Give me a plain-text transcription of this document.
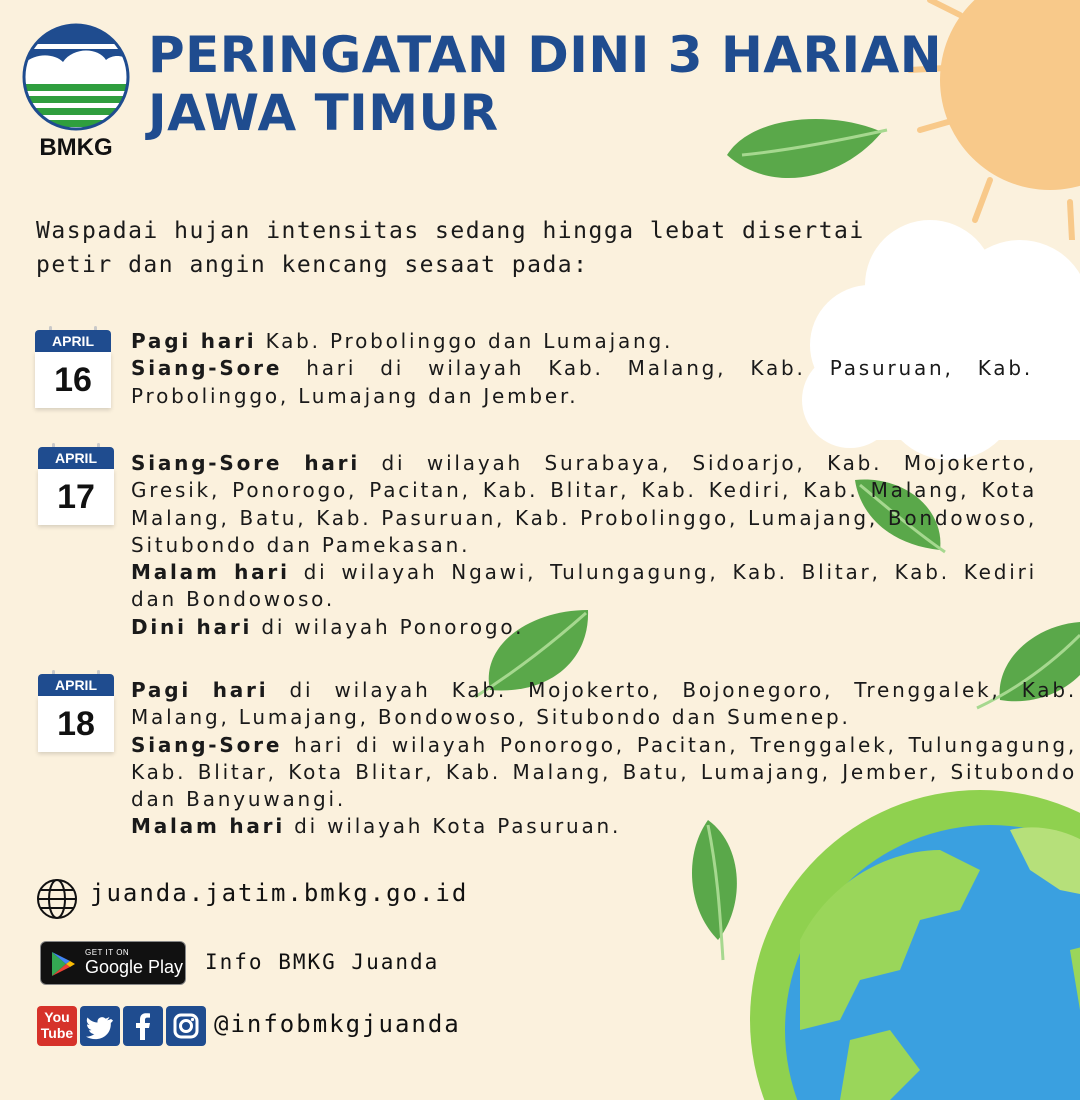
BMKG
PERINGATAN DINI 3 HARIAN
JAWA TIMUR
Waspadai hujan intensitas sedang hingga lebat disertai
petir dan angin kencang sesaat pada:
APRIL
16

Pagi hari Kab. Probolinggo dan Lumajang.

Siang-Sore hari di wilayah Kab. Malang, Kab. Pasuruan, Kab. Probolinggo, Lumajang dan Jember.

APRIL
17

Siang-Sore hari di wilayah Surabaya, Sidoarjo, Kab. Mojokerto, Gresik, Ponorogo, Pacitan, Kab. Blitar, Kab. Kediri, Kab. Malang, Kota Malang, Batu, Kab. Pasuruan, Kab. Probolinggo, Lumajang, Bondowoso, Situbondo dan Pamekasan.

Malam hari di wilayah Ngawi, Tulungagung, Kab. Blitar, Kab. Kediri dan Bondowoso.

Dini hari di wilayah Ponorogo.

APRIL
18

Pagi hari di wilayah Kab. Mojokerto, Bojonegoro, Trenggalek, Kab. Malang, Lumajang, Bondowoso, Situbondo dan Sumenep.

Siang-Sore hari di wilayah Ponorogo, Pacitan, Trenggalek, Tulungagung, Kab. Blitar, Kota Blitar, Kab. Malang, Batu, Lumajang, Jember, Situbondo dan Banyuwangi.

Malam hari di wilayah Kota Pasuruan.

juanda.jatim.bmkg.go.id
GET IT ON
Google Play Info BMKG Juanda
You
Tube	@infobmkgjuanda
